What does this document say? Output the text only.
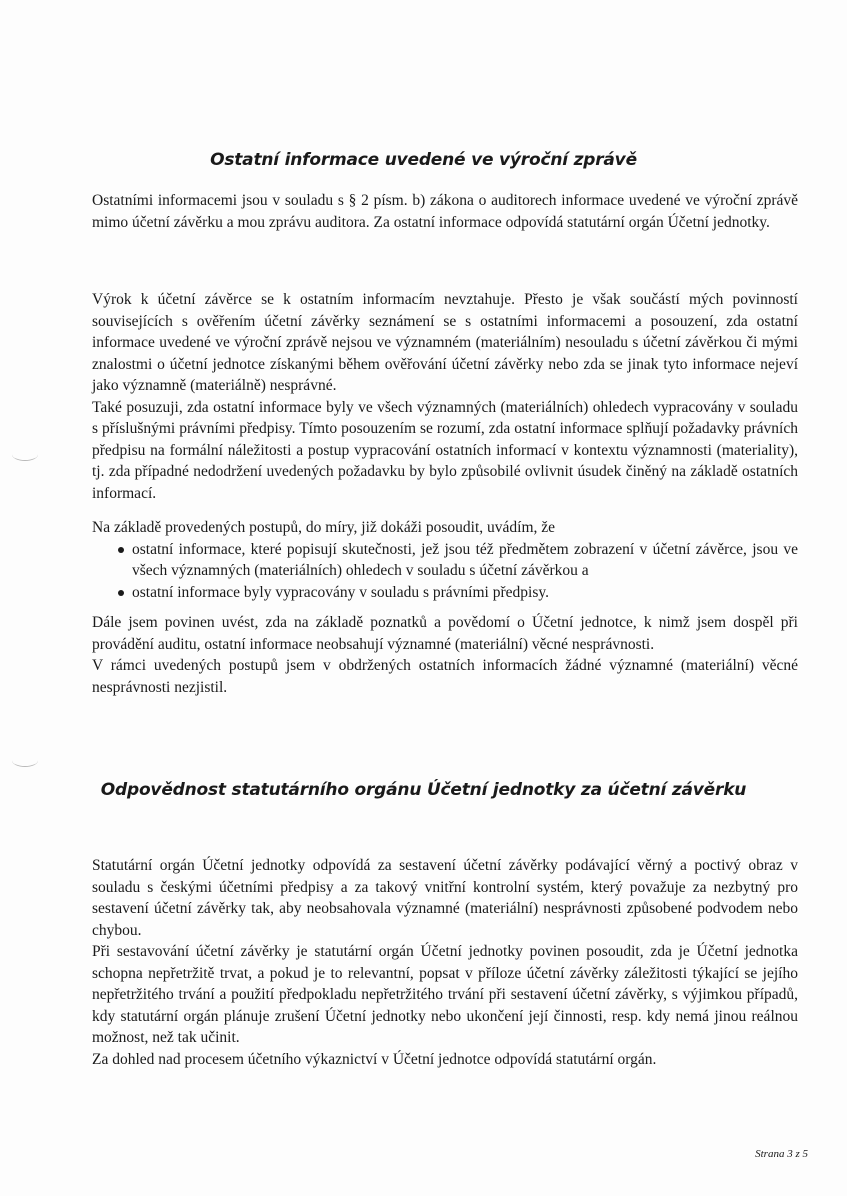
Ostatní informace uvedené ve výroční zprávě

Ostatními informacemi jsou v souladu s § 2 písm. b) zákona o auditorech informace uvedené ve výroční zprávě mimo účetní závěrku a mou zprávu auditora. Za ostatní informace odpovídá statutární orgán Účetní jednotky.

Výrok k účetní závěrce se k ostatním informacím nevztahuje. Přesto je však součástí mých povinností souvisejících s ověřením účetní závěrky seznámení se s ostatními informacemi a posouzení, zda ostatní informace uvedené ve výroční zprávě nejsou ve významném (materiálním) nesouladu s účetní závěrkou či mými znalostmi o účetní jednotce získanými během ověřování účetní závěrky nebo zda se jinak tyto informace nejeví jako významně (materiálně) nesprávné.

Také posuzuji, zda ostatní informace byly ve všech významných (materiálních) ohledech vypracovány v souladu s příslušnými právními předpisy. Tímto posouzením se rozumí, zda ostatní informace splňují požadavky právních předpisu na formální náležitosti a postup vypracování ostatních informací v kontextu významnosti (materiality), tj. zda případné nedodržení uvedených požadavku by bylo způsobilé ovlivnit úsudek činěný na základě ostatních informací.

Na základě provedených postupů, do míry, již dokáži posoudit, uvádím, že

ostatní informace, které popisují skutečnosti, jež jsou též předmětem zobrazení v účetní závěrce, jsou ve všech významných (materiálních) ohledech v souladu s účetní závěrkou a
ostatní informace byly vypracovány v souladu s právními předpisy.

Dále jsem povinen uvést, zda na základě poznatků a povědomí o Účetní jednotce, k nimž jsem dospěl při provádění auditu, ostatní informace neobsahují významné (materiální) věcné nesprávnosti.

V rámci uvedených postupů jsem v obdržených ostatních informacích žádné významné (materiální) věcné nesprávnosti nezjistil.

Odpovědnost statutárního orgánu Účetní jednotky za účetní závěrku

Statutární orgán Účetní jednotky odpovídá za sestavení účetní závěrky podávající věrný a poctivý obraz v souladu s českými účetními předpisy a za takový vnitřní kontrolní systém, který považuje za nezbytný pro sestavení účetní závěrky tak, aby neobsahovala významné (materiální) nesprávnosti způsobené podvodem nebo chybou.

Při sestavování účetní závěrky je statutární orgán Účetní jednotky povinen posoudit, zda je Účetní jednotka schopna nepřetržitě trvat, a pokud je to relevantní, popsat v příloze účetní závěrky záležitosti týkající se jejího nepřetržitého trvání a použití předpokladu nepřetržitého trvání při sestavení účetní závěrky, s výjimkou případů, kdy statutární orgán plánuje zrušení Účetní jednotky nebo ukončení její činnosti, resp. kdy nemá jinou reálnou možnost, než tak učinit.

Za dohled nad procesem účetního výkaznictví v Účetní jednotce odpovídá statutární orgán.

Strana 3 z 5
